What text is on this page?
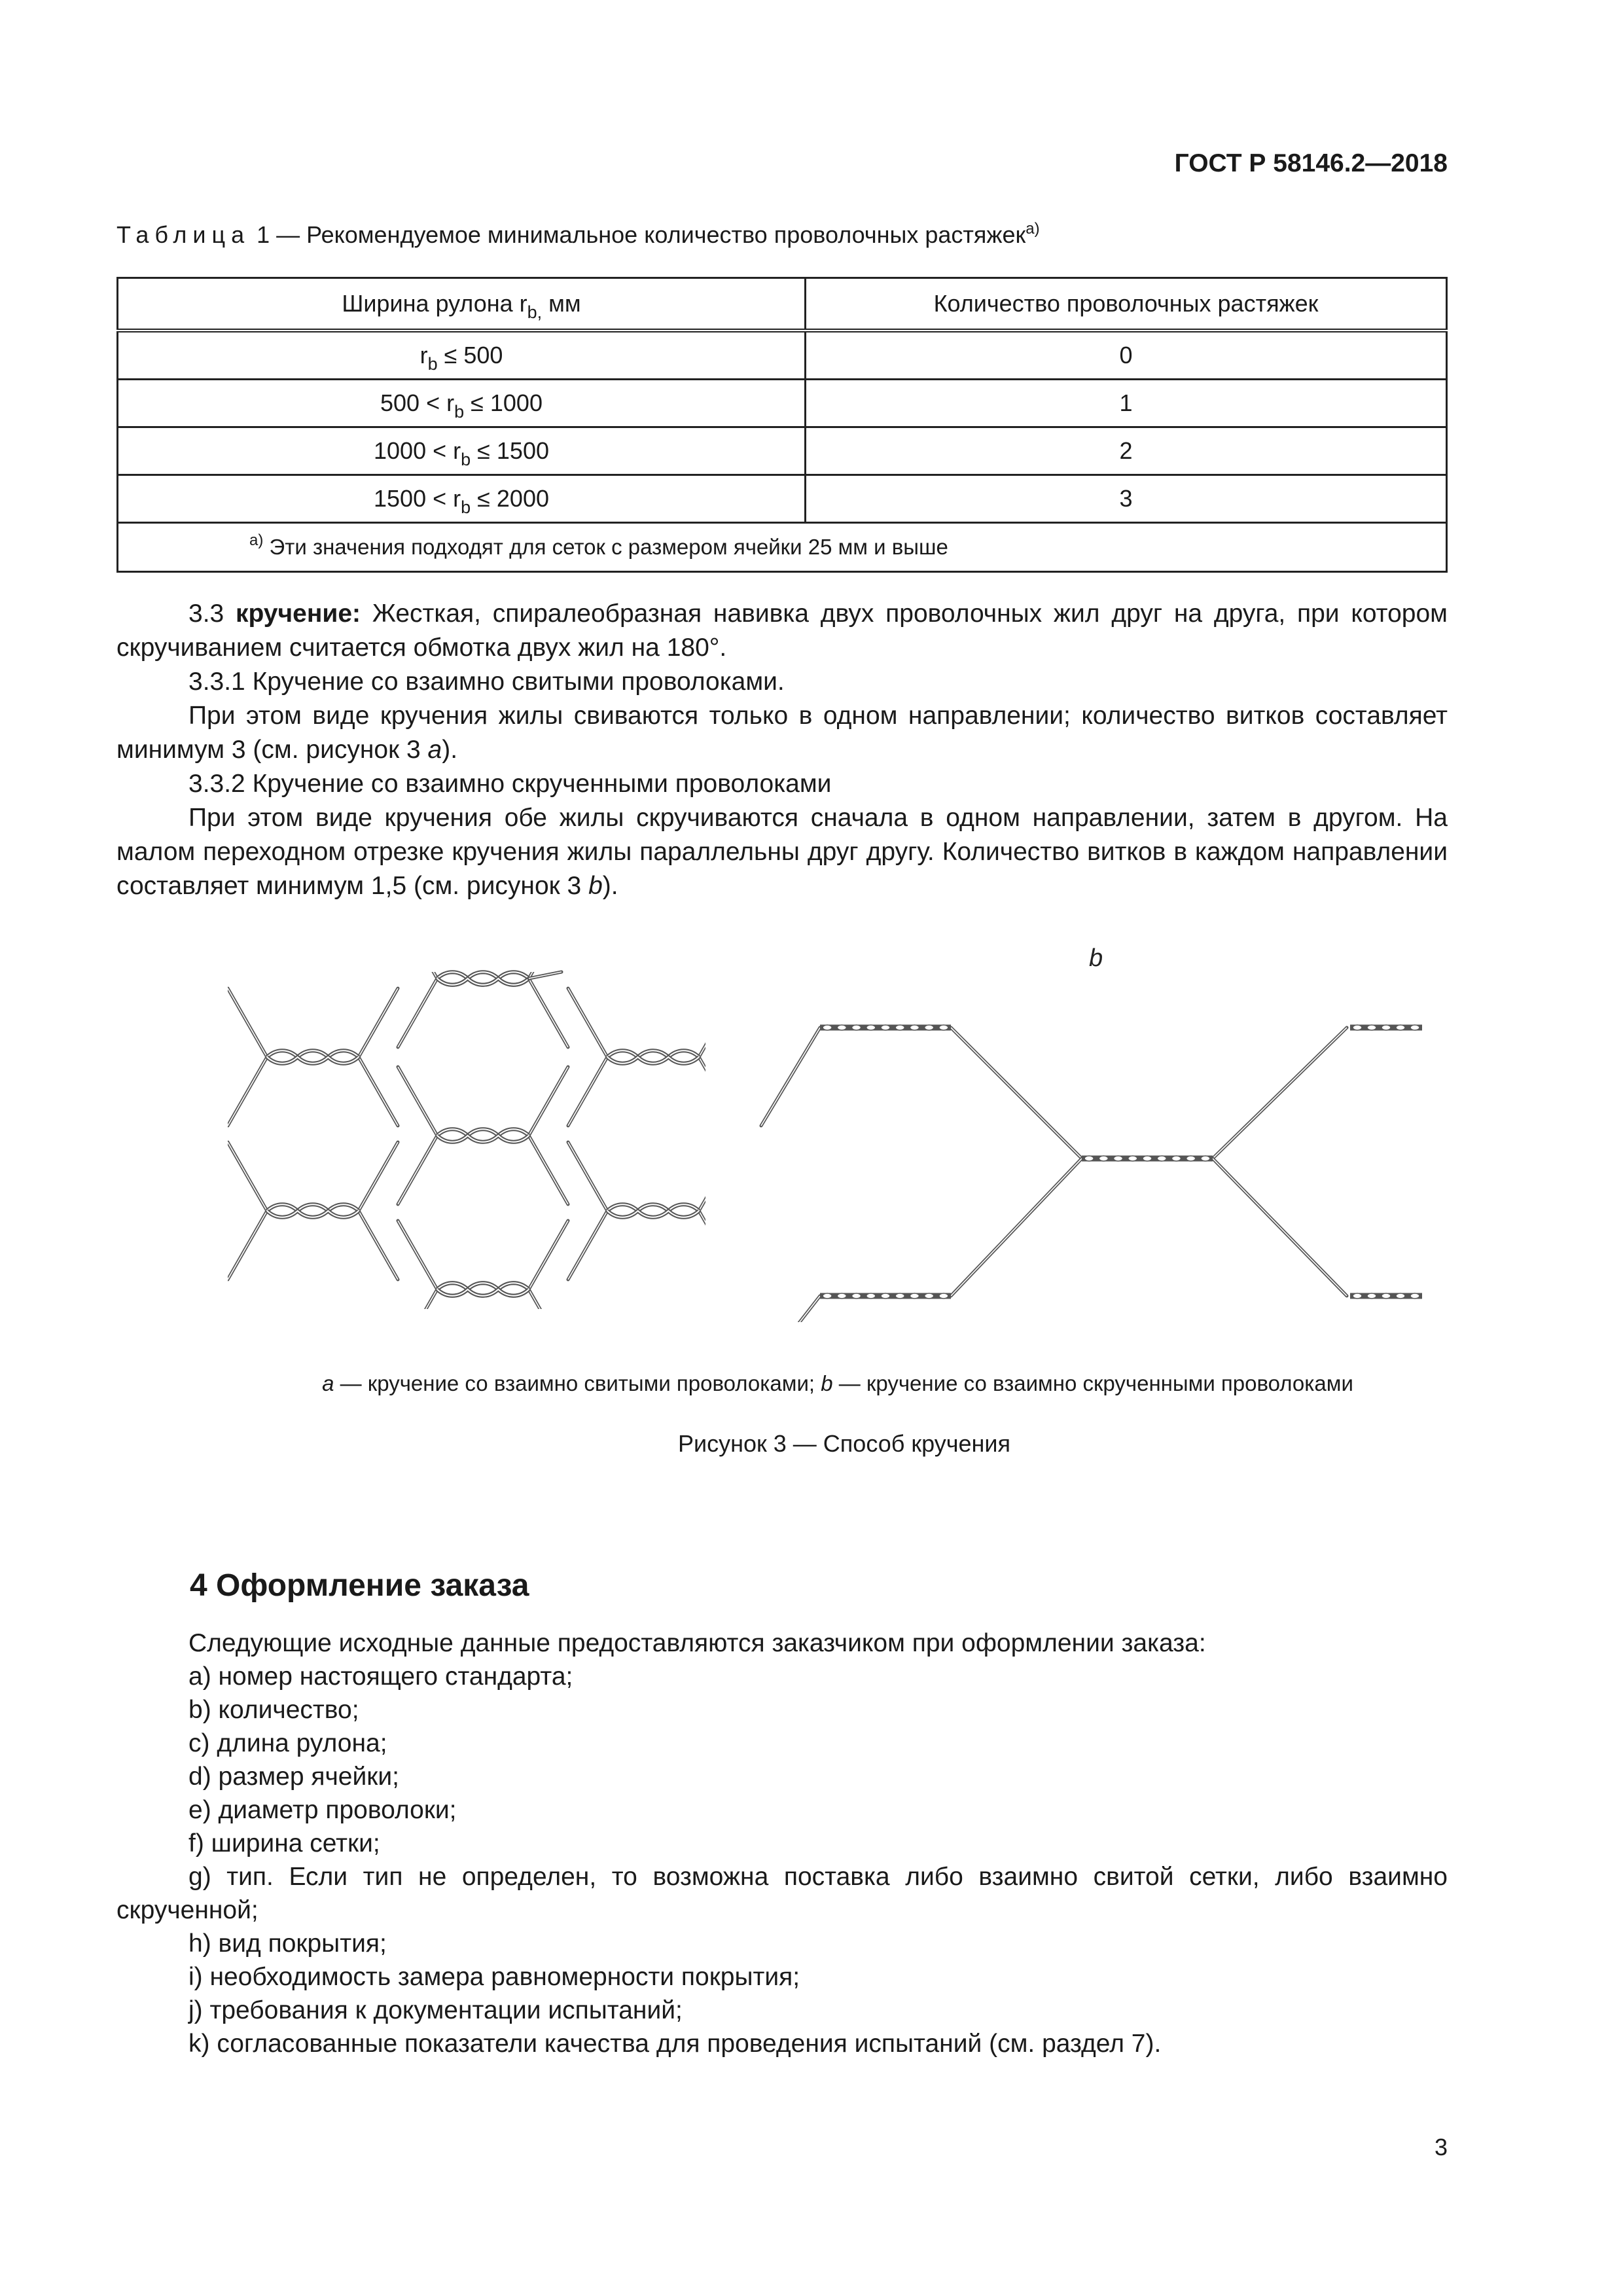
ГОСТ Р 58146.2—2018
Таблица 1 — Рекомендуемое минимальное количество проволочных растяжек$^{a)}$
Ширина рулона $r_{b,}$ мм	Количество проволочных растяжек
$r_b \le 500$	0
$500 < r_b \le 1000$	1
$1000 < r_b \le 1500$	2
$1500 < r_b \le 2000$	3
$^{a)}$ Эти значения подходят для сеток с размером ячейки 25 мм и выше	

3.3 кручение: Жесткая, спиралеобразная навивка двух проволочных жил друг на друга, при котором скручиванием считается обмотка двух жил на 180°.

3.3.1 Кручение со взаимно свитыми проволоками.

При этом виде кручения жилы свиваются только в одном направлении; количество витков составляет минимум 3 (см. рисунок 3 a).

3.3.2 Кручение со взаимно скрученными проволоками

При этом виде кручения обе жилы скручиваются сначала в одном направлении, затем в другом. На малом переходном отрезке кручения жилы параллельны друг другу. Количество витков в каждом направлении составляет минимум 1,5 (см. рисунок 3 b).

b
a — кручение со взаимно свитыми проволоками; b — кручение со взаимно скрученными проволоками
Рисунок 3 — Способ кручения
4 Оформление заказа
Следующие исходные данные предоставляются заказчиком при оформлении заказа:
a) номер настоящего стандарта;
b) количество;
c) длина рулона;
d) размер ячейки;
e) диаметр проволоки;
f) ширина сетки;
g) тип. Если тип не определен, то возможна поставка либо взаимно свитой сетки, либо взаимно скрученной;
h) вид покрытия;
i) необходимость замера равномерности покрытия;
j) требования к документации испытаний;
k) согласованные показатели качества для проведения испытаний (см. раздел 7).
3
